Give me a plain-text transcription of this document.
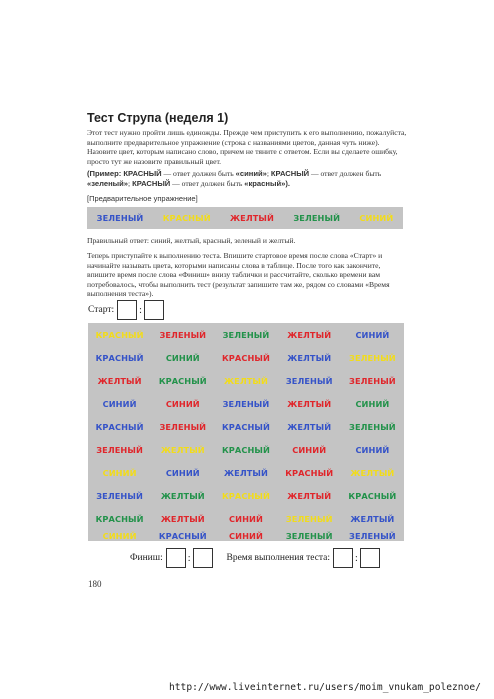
Тест Струпа (неделя 1)

Этот тест нужно пройти лишь единожды. Прежде чем приступить к его выполнению, пожалуйста, выполните предварительное упражнение (строка с названиями цветов, данная чуть ниже). Назовите цвет, которым написано слово, причем не тяните с ответом. Если вы сделаете ошибку, просто тут же назовите правильный цвет.

(Пример: КРАСНЫЙ — ответ должен быть «синий»; КРАСНЫЙ — ответ должен быть «зеленый»; КРАСНЫЙ — ответ должен быть «красный»).

[Предварительное упражнение]
ЗЕЛЕНЫЙ КРАСНЫЙ ЖЕЛТЫЙ ЗЕЛЕНЫЙ СИНИЙ

Правильный ответ: синий, желтый, красный, зеленый и желтый.

Теперь приступайте к выполнению теста. Впишите стартовое время после слова «Старт» и начинайте называть цвета, которыми написаны слова в таблице. После того как закончите, впишите время после слова «Финиш» внизу таблички и рассчитайте, сколько времени вам потребовалось, чтобы выполнить тест (результат запишите там же, рядом со словами «Время выполнения теста»).

Старт:	:
КРАСНЫЙ ЗЕЛЕНЫЙ ЗЕЛЕНЫЙ ЖЕЛТЫЙ	СИНИЙ
КРАСНЫЙ	СИНИЙ	КРАСНЫЙ ЖЕЛТЫЙ ЗЕЛЕНЫЙ
ЖЕЛТЫЙ КРАСНЫЙ ЖЕЛТЫЙ ЗЕЛЕНЫЙ ЗЕЛЕНЫЙ
СИНИЙ	СИНИЙ	ЗЕЛЕНЫЙ ЖЕЛТЫЙ	СИНИЙ
КРАСНЫЙ ЗЕЛЕНЫЙ КРАСНЫЙ ЖЕЛТЫЙ ЗЕЛЕНЫЙ
ЗЕЛЕНЫЙ ЖЕЛТЫЙ КРАСНЫЙ	СИНИЙ	СИНИЙ
СИНИЙ	СИНИЙ	ЖЕЛТЫЙ КРАСНЫЙ ЖЕЛТЫЙ
ЗЕЛЕНЫЙ ЖЕЛТЫЙ КРАСНЫЙ ЖЕЛТЫЙ КРАСНЫЙ
КРАСНЫЙ ЖЕЛТЫЙ	СИНИЙ	ЗЕЛЕНЫЙ ЖЕЛТЫЙ
СИНИЙ	КРАСНЫЙ	СИНИЙ	ЗЕЛЕНЫЙ ЗЕЛЕНЫЙ
Финиш:	:	Время выполнения теста:	:
180
http://www.liveinternet.ru/users/moim_vnukam_poleznoe/
